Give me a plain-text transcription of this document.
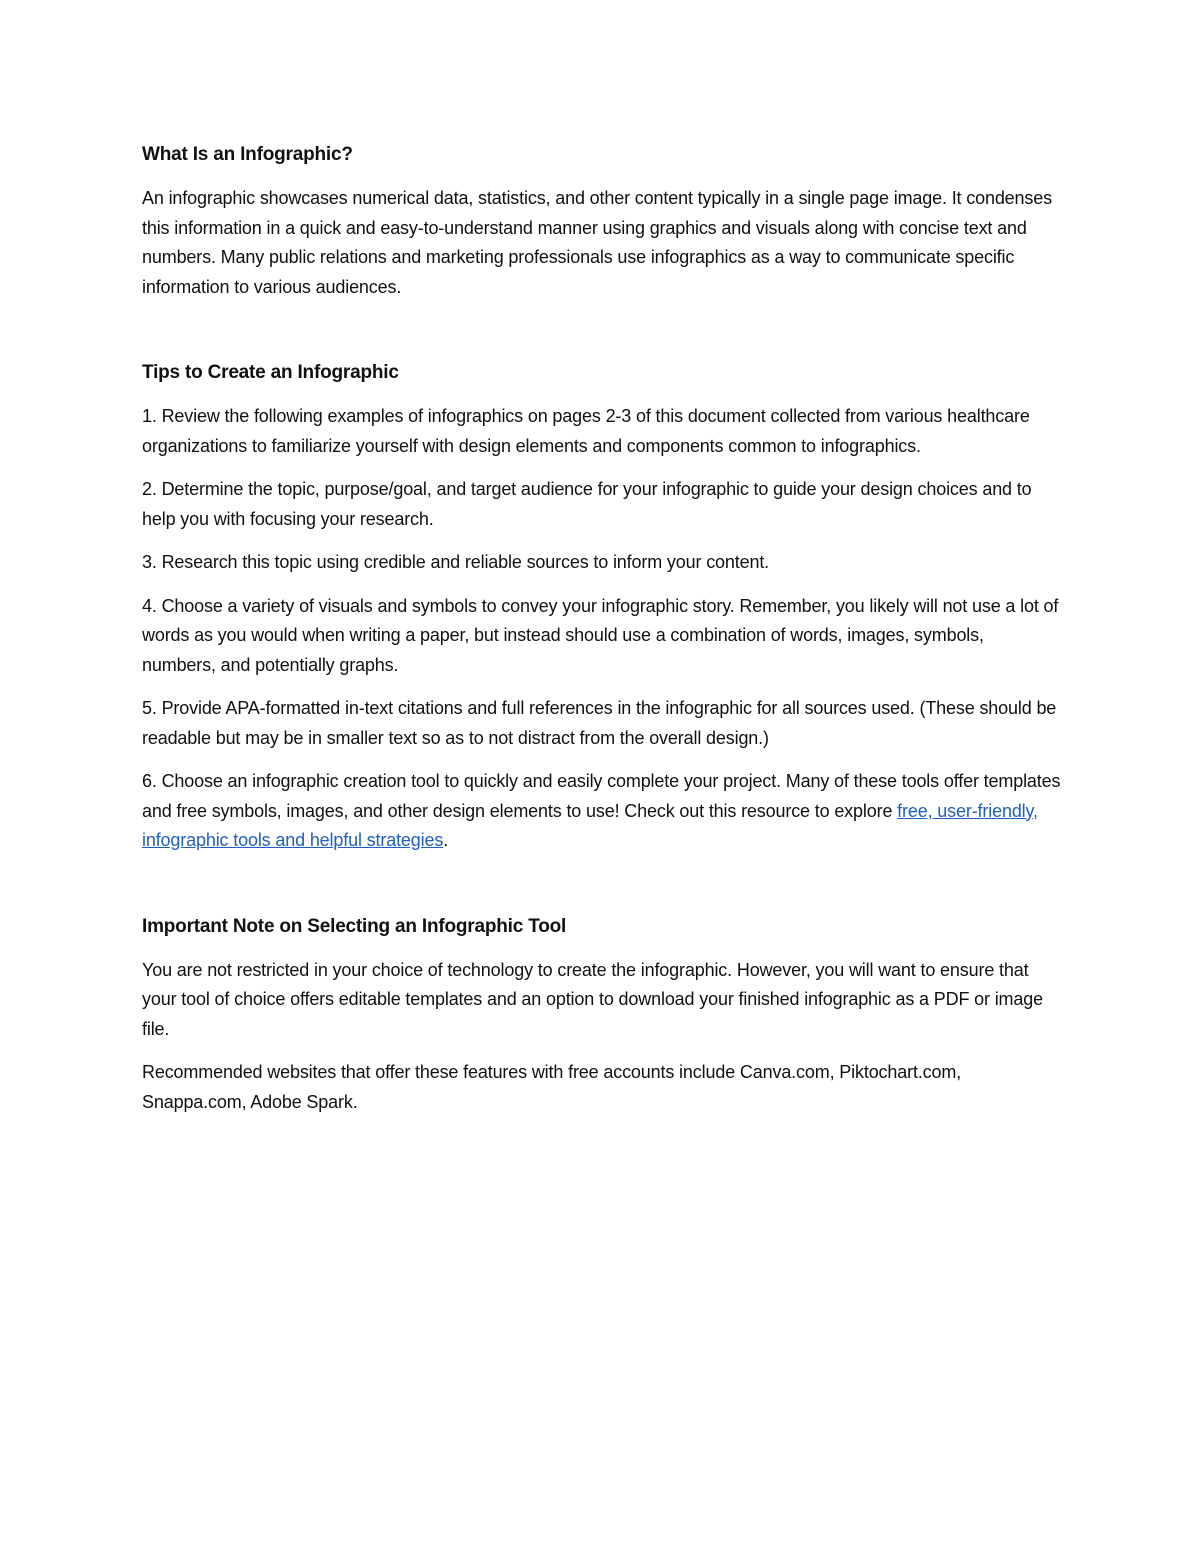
What Is an Infographic?

An infographic showcases numerical data, statistics, and other content typically in a single page image. It condenses this information in a quick and easy-to-understand manner using graphics and visuals along with concise text and numbers. Many public relations and marketing professionals use infographics as a way to communicate specific information to various audiences.

Tips to Create an Infographic

1. Review the following examples of infographics on pages 2-3 of this document collected from various healthcare organizations to familiarize yourself with design elements and components common to infographics.

2. Determine the topic, purpose/goal, and target audience for your infographic to guide your design choices and to help you with focusing your research.

3. Research this topic using credible and reliable sources to inform your content.

4. Choose a variety of visuals and symbols to convey your infographic story. Remember, you likely will not use a lot of words as you would when writing a paper, but instead should use a combination of words, images, symbols, numbers, and potentially graphs.

5. Provide APA-formatted in-text citations and full references in the infographic for all sources used. (These should be readable but may be in smaller text so as to not distract from the overall design.)

6. Choose an infographic creation tool to quickly and easily complete your project. Many of these tools offer templates and free symbols, images, and other design elements to use! Check out this resource to explore free, user-friendly, infographic tools and helpful strategies.

Important Note on Selecting an Infographic Tool

You are not restricted in your choice of technology to create the infographic. However, you will want to ensure that your tool of choice offers editable templates and an option to download your finished infographic as a PDF or image file.

Recommended websites that offer these features with free accounts include Canva.com, Piktochart.com, Snappa.com, Adobe Spark.
